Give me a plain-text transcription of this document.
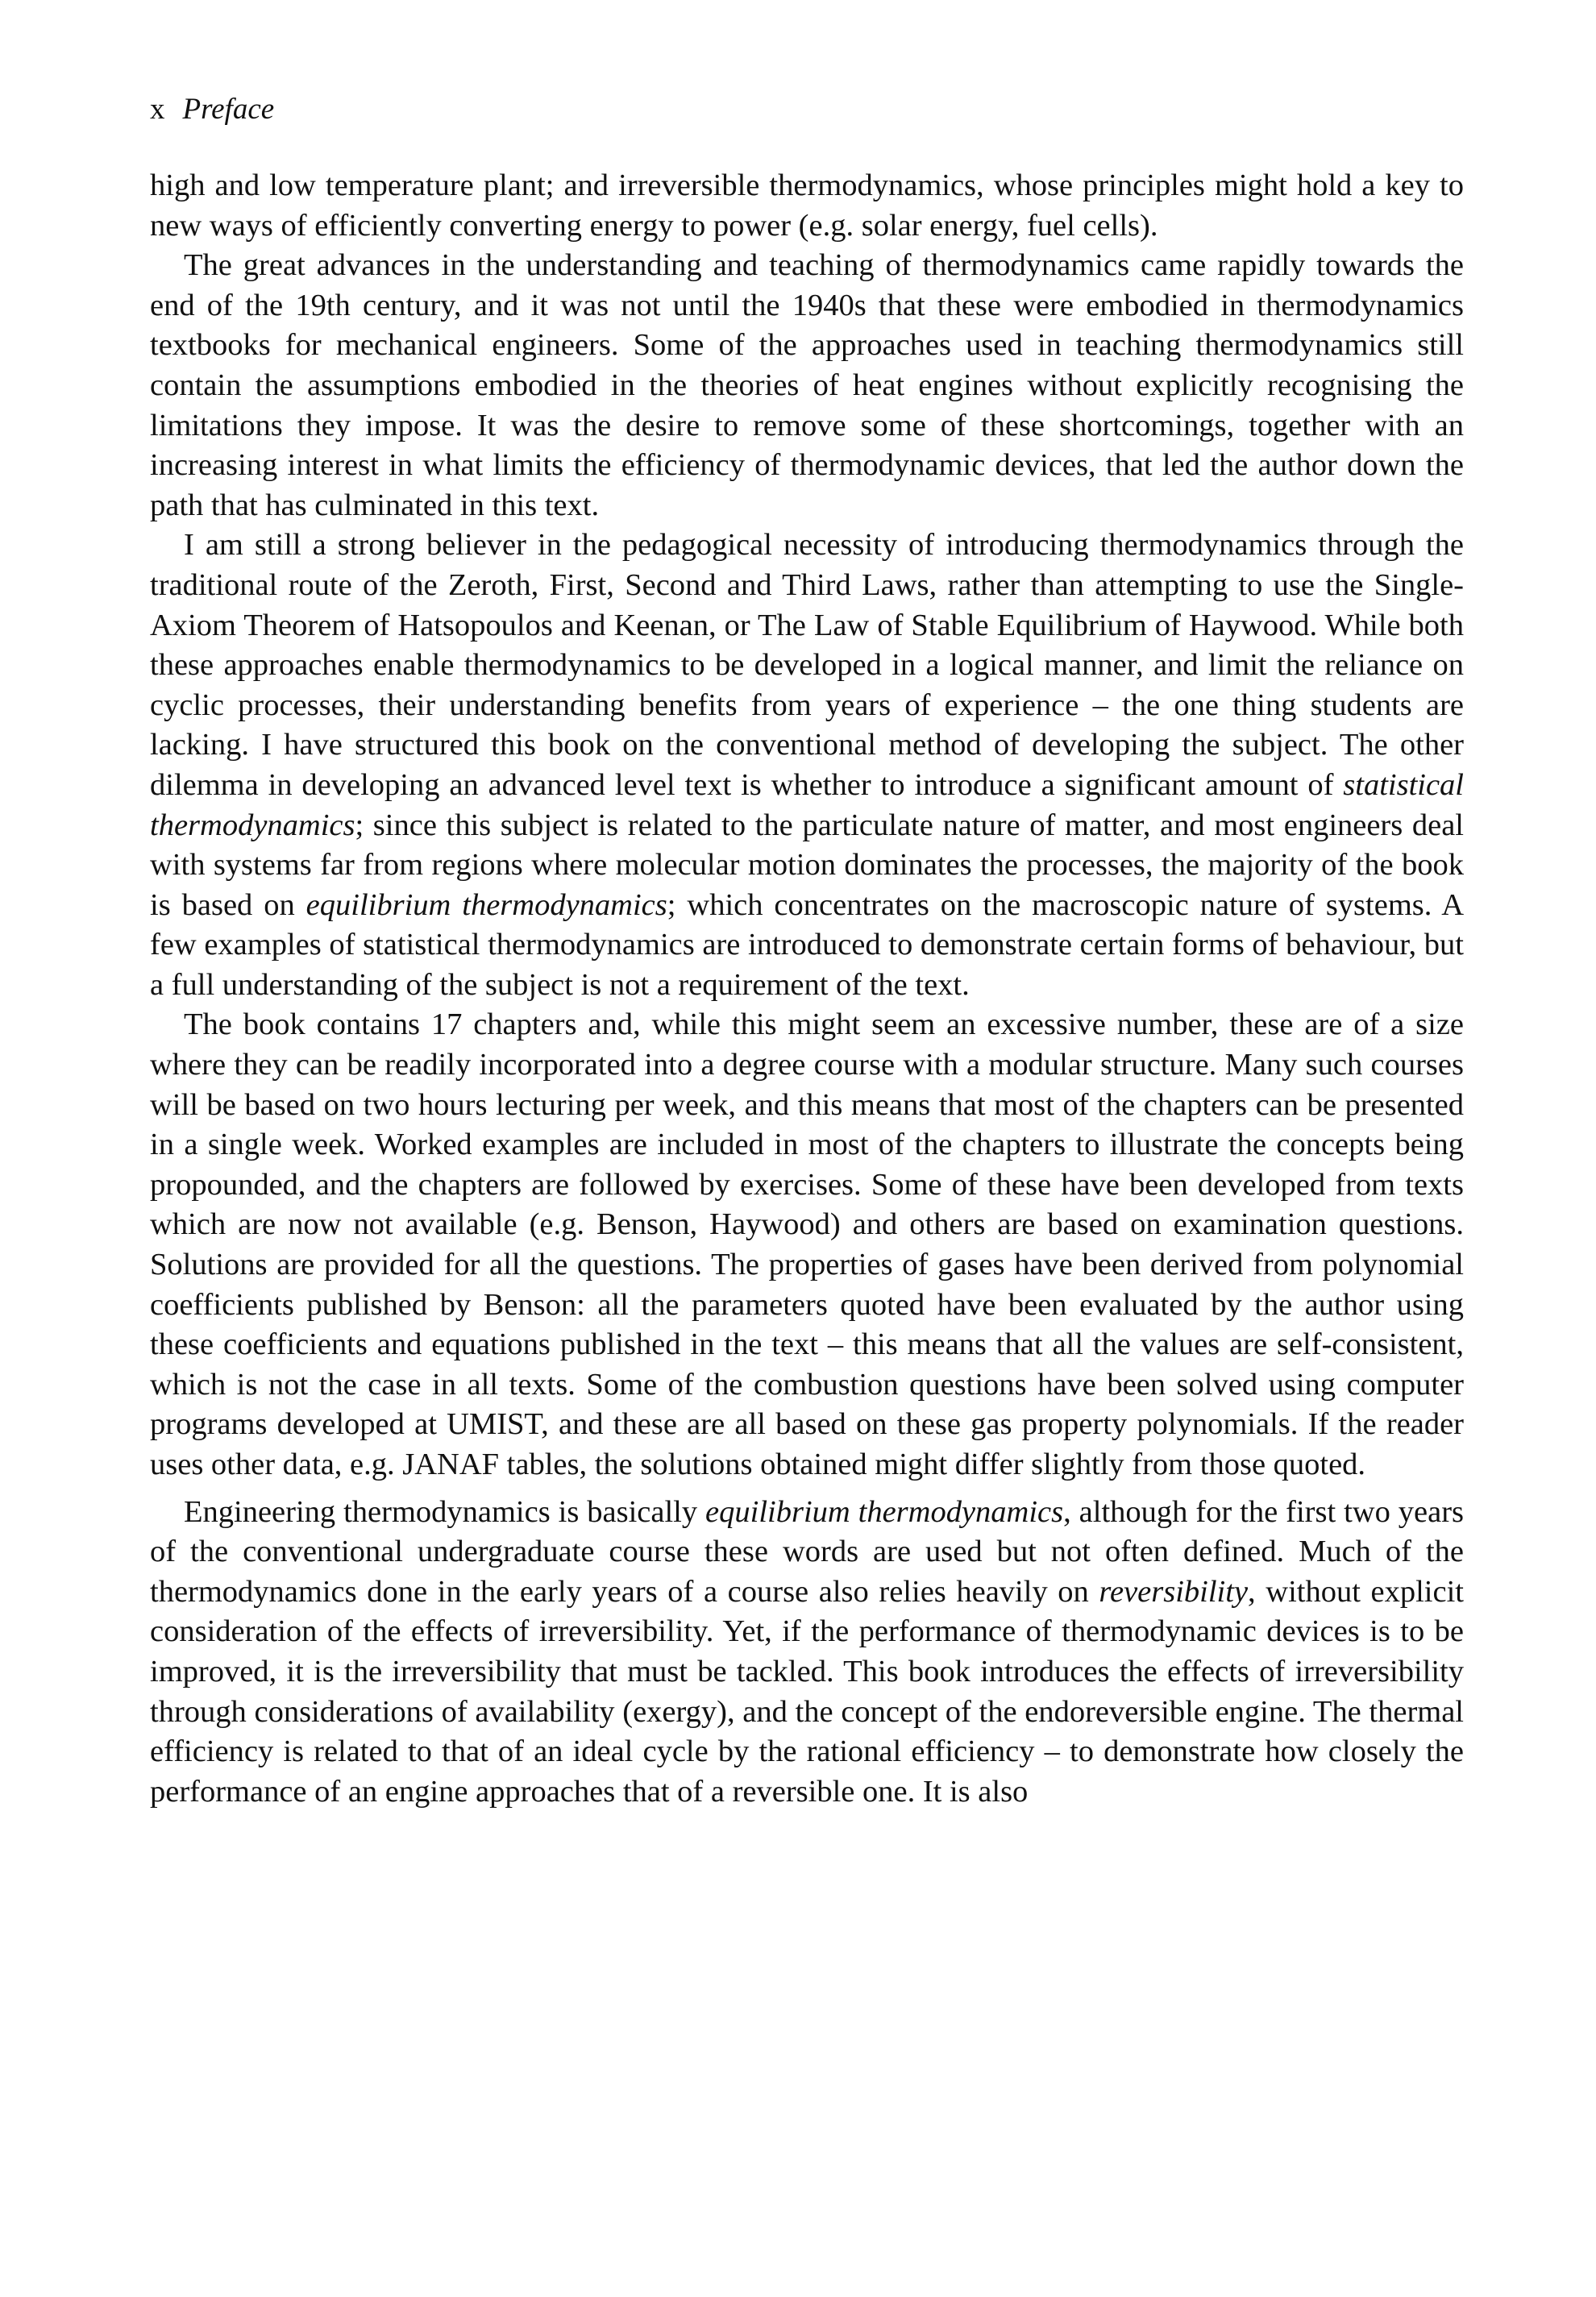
x Preface

high and low temperature plant; and irreversible thermodynamics, whose principles might hold a key to new ways of efficiently converting energy to power (e.g. solar energy, fuel cells).

The great advances in the understanding and teaching of thermodynamics came rapidly towards the end of the 19th century, and it was not until the 1940s that these were embodied in thermodynamics textbooks for mechanical engineers. Some of the approaches used in teaching thermodynamics still contain the assumptions embodied in the theories of heat engines without explicitly recognising the limitations they impose. It was the desire to remove some of these shortcomings, together with an increasing interest in what limits the efficiency of thermodynamic devices, that led the author down the path that has culminated in this text.

I am still a strong believer in the pedagogical necessity of introducing thermodynamics through the traditional route of the Zeroth, First, Second and Third Laws, rather than attempting to use the Single-Axiom Theorem of Hatsopoulos and Keenan, or The Law of Stable Equilibrium of Haywood. While both these approaches enable thermodynamics to be developed in a logical manner, and limit the reliance on cyclic processes, their understanding benefits from years of experience – the one thing students are lacking. I have structured this book on the conventional method of developing the subject. The other dilemma in developing an advanced level text is whether to introduce a significant amount of statistical thermodynamics; since this subject is related to the particulate nature of matter, and most engineers deal with systems far from regions where molecular motion dominates the processes, the majority of the book is based on equilibrium thermodynamics; which concentrates on the macroscopic nature of systems. A few examples of statistical thermodynamics are introduced to demonstrate certain forms of behaviour, but a full understanding of the subject is not a requirement of the text.

The book contains 17 chapters and, while this might seem an excessive number, these are of a size where they can be readily incorporated into a degree course with a modular structure. Many such courses will be based on two hours lecturing per week, and this means that most of the chapters can be presented in a single week. Worked examples are included in most of the chapters to illustrate the concepts being propounded, and the chapters are followed by exercises. Some of these have been developed from texts which are now not available (e.g. Benson, Haywood) and others are based on examination questions. Solutions are provided for all the questions. The properties of gases have been derived from polynomial coefficients published by Benson: all the parameters quoted have been evaluated by the author using these coefficients and equations published in the text – this means that all the values are self-consistent, which is not the case in all texts. Some of the combustion questions have been solved using computer programs developed at UMIST, and these are all based on these gas property polynomials. If the reader uses other data, e.g. JANAF tables, the solutions obtained might differ slightly from those quoted.

Engineering thermodynamics is basically equilibrium thermodynamics, although for the first two years of the conventional undergraduate course these words are used but not often defined. Much of the thermodynamics done in the early years of a course also relies heavily on reversibility, without explicit consideration of the effects of irreversibility. Yet, if the performance of thermodynamic devices is to be improved, it is the irreversibility that must be tackled. This book introduces the effects of irreversibility through considerations of availability (exergy), and the concept of the endoreversible engine. The thermal efficiency is related to that of an ideal cycle by the rational efficiency – to demonstrate how closely the performance of an engine approaches that of a reversible one. It is also
